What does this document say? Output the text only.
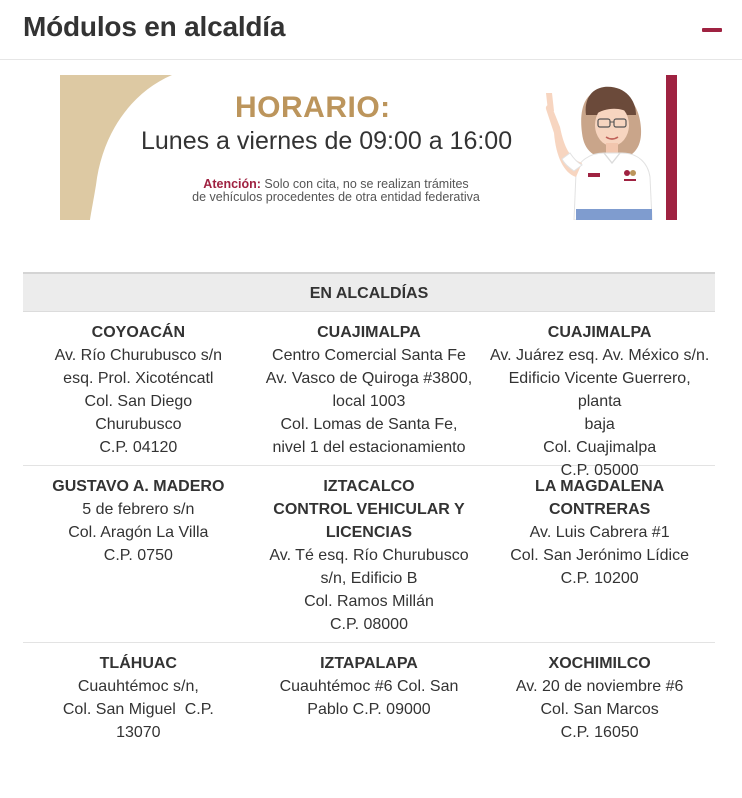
Módulos en alcaldía
HORARIO:
Lunes a viernes de 09:00 a 16:00
Atención: Solo con cita, no se realizan trámites
de vehículos procedentes de otra entidad federativa
EN ALCALDÍAS
COYOACÁN
Av. Río Churubusco s/n
esq. Prol. Xicoténcatl
Col. San Diego
Churubusco
C.P. 04120
CUAJIMALPA
Centro Comercial Santa Fe
Av. Vasco de Quiroga #3800,
local 1003
Col. Lomas de Santa Fe,
nivel 1 del estacionamiento
CUAJIMALPA
Av. Juárez esq. Av. México s/n.
Edificio Vicente Guerrero, planta
baja
Col. Cuajimalpa
C.P. 05000
GUSTAVO A. MADERO
5 de febrero s/n
Col. Aragón La Villa
C.P. 0750
IZTACALCO
CONTROL VEHICULAR Y
LICENCIAS
Av. Té esq. Río Churubusco
s/n, Edificio B
Col. Ramos Millán
C.P. 08000
LA MAGDALENA
CONTRERAS
Av. Luis Cabrera #1
Col. San Jerónimo Lídice
C.P. 10200
TLÁHUAC
Cuauhtémoc s/n,
Col. San Miguel  C.P.
13070
IZTAPALAPA
Cuauhtémoc #6 Col. San
Pablo C.P. 09000
XOCHIMILCO
Av. 20 de noviembre #6
Col. San Marcos
C.P. 16050
